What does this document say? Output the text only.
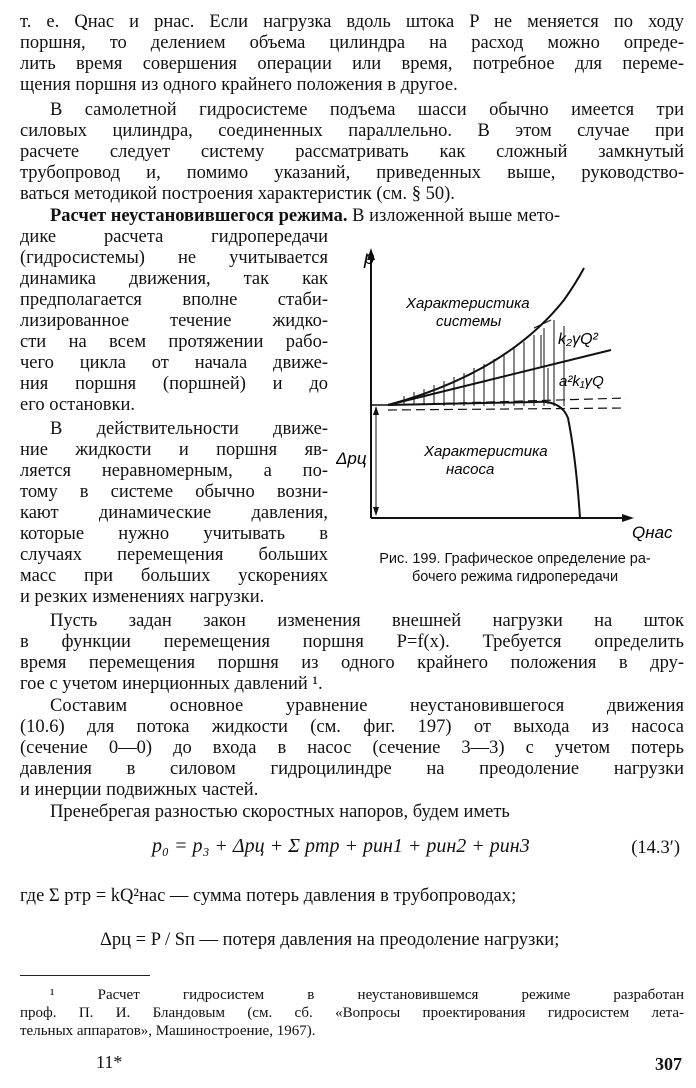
т. е. Qнас и pнас. Если нагрузка вдоль штока P не меняется по ходу
поршня, то делением объема цилиндра на расход можно опреде-
лить время совершения операции или время, потребное для переме-
щения поршня из одного крайнего положения в другое.
В самолетной гидросистеме подъема шасси обычно имеется три
силовых цилиндра, соединенных параллельно. В этом случае при
расчете следует систему рассматривать как сложный замкнутый
трубопровод и, помимо указаний, приведенных выше, руководство-
ваться методикой построения характеристик (см. § 50).
Расчет неустановившегося режима. В изложенной выше мето-
дике расчета гидропередачи
(гидросистемы) не учитывается
динамика движения, так как
предполагается вполне стаби-
лизированное течение жидко-
сти на всем протяжении рабо-
чего цикла от начала движе-
ния поршня (поршней) и до
его остановки.
В действительности движе-
ние жидкости и поршня яв-
ляется неравномерным, а по-
тому в системе обычно возни-
кают динамические давления,
которые нужно учитывать в
случаях перемещения больших
масс при больших ускорениях
и резких изменениях нагрузки.
p
Qнас
Δpц
Характеристика
системы
k₂γQ²
a²k₁γQ
Характеристика
насоса
Рис. 199. Графическое определение ра-
бочего режима гидропередачи
Пусть задан закон изменения внешней нагрузки на шток
в функции перемещения поршня P=f(x). Требуется определить
время перемещения поршня из одного крайнего положения в дру-
гое с учетом инерционных давлений ¹.
Составим основное уравнение неустановившегося движения
(10.6) для потока жидкости (см. фиг. 197) от выхода из насоса
(сечение 0—0) до входа в насос (сечение 3—3) с учетом потерь
давления в силовом гидроцилиндре на преодоление нагрузки
и инерции подвижных частей.
Пренебрегая разностью скоростных напоров, будем иметь
p₀ = p₃ + Δpц + Σ pтр + pин1 + pин2 + pин3	(14.3′)
где Σ pтр = kQ²нас — сумма потерь давления в трубопроводах;
Δpц = P / Sп — потеря давления на преодоление нагрузки;
¹ Расчет гидросистем в неустановившемся режиме разработан
проф. П. И. Бландовым (см. сб. «Вопросы проектирования гидросистем лета-
тельных аппаратов», Машиностроение, 1967).
11*	307
